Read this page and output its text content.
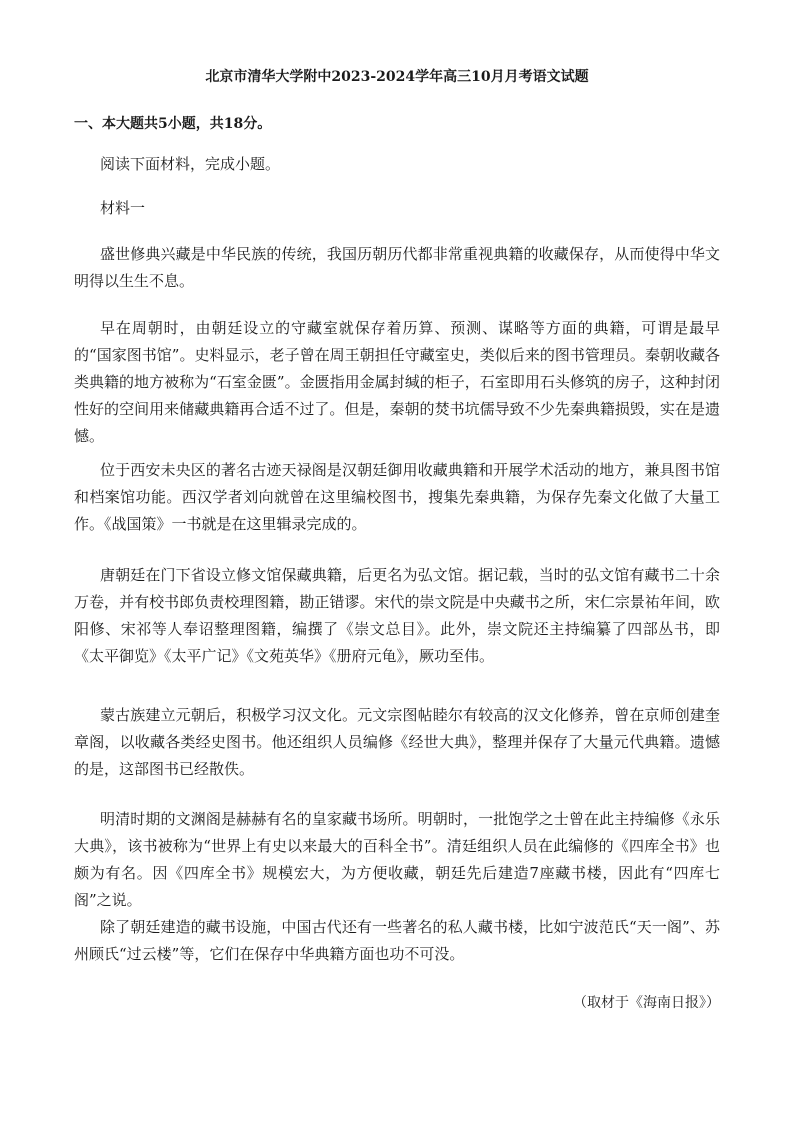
北京市清华大学附中2023-2024学年高三10月月考语文试题
一、本大题共5小题，共18分。

阅读下面材料，完成小题。

材料一

盛世修典兴藏是中华民族的传统，我国历朝历代都非常重视典籍的收藏保存，从而使得中华文明得以生生不息。

早在周朝时，由朝廷设立的守藏室就保存着历算、预测、谋略等方面的典籍，可谓是最早的“国家图书馆”。史料显示，老子曾在周王朝担任守藏室史，类似后来的图书管理员。秦朝收藏各类典籍的地方被称为“石室金匮”。金匮指用金属封缄的柜子，石室即用石头修筑的房子，这种封闭性好的空间用来储藏典籍再合适不过了。但是，秦朝的焚书坑儒导致不少先秦典籍损毁，实在是遗憾。

位于西安未央区的著名古迹天禄阁是汉朝廷御用收藏典籍和开展学术活动的地方，兼具图书馆和档案馆功能。西汉学者刘向就曾在这里编校图书，搜集先秦典籍，为保存先秦文化做了大量工作。《战国策》一书就是在这里辑录完成的。

唐朝廷在门下省设立修文馆保藏典籍，后更名为弘文馆。据记载，当时的弘文馆有藏书二十余万卷，并有校书郎负责校理图籍，勘正错谬。宋代的崇文院是中央藏书之所，宋仁宗景祐年间，欧阳修、宋祁等人奉诏整理图籍，编撰了《崇文总目》。此外，崇文院还主持编纂了四部丛书，即《太平御览》《太平广记》《文苑英华》《册府元龟》，厥功至伟。

蒙古族建立元朝后，积极学习汉文化。元文宗图帖睦尔有较高的汉文化修养，曾在京师创建奎章阁，以收藏各类经史图书。他还组织人员编修《经世大典》，整理并保存了大量元代典籍。遗憾的是，这部图书已经散佚。

明清时期的文渊阁是赫赫有名的皇家藏书场所。明朝时，一批饱学之士曾在此主持编修《永乐大典》，该书被称为“世界上有史以来最大的百科全书”。清廷组织人员在此编修的《四库全书》也颇为有名。因《四库全书》规模宏大，为方便收藏，朝廷先后建造7座藏书楼，因此有“四库七阁”之说。

除了朝廷建造的藏书设施，中国古代还有一些著名的私人藏书楼，比如宁波范氏“天一阁”、苏州顾氏“过云楼”等，它们在保存中华典籍方面也功不可没。

（取材于《海南日报》）
